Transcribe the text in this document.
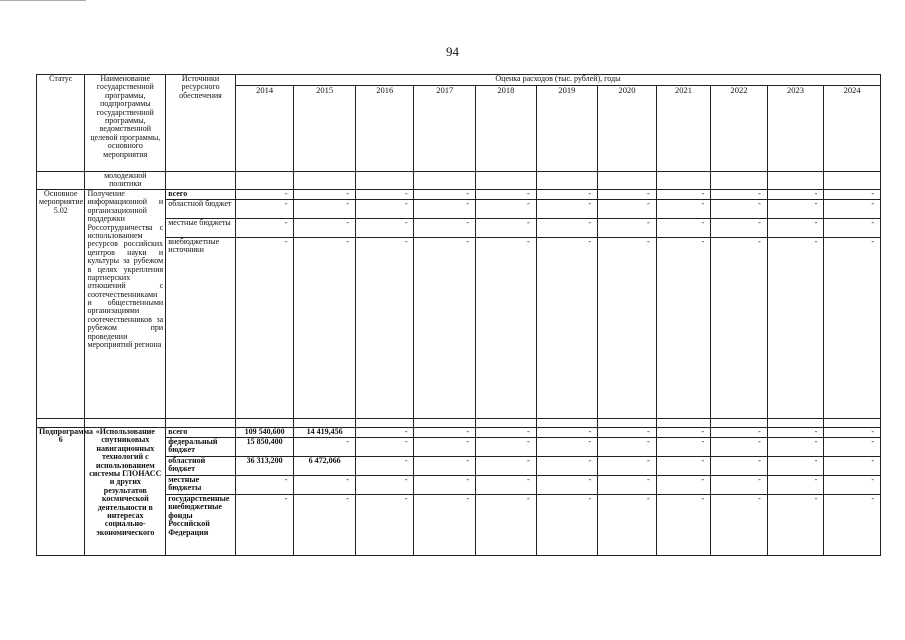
94
Статус	Наименование государственной программы, подпрограммы государственной программы, ведомственной целевой программы, основного мероприятия	Источники ресурсного обеспечения	Оценка расходов (тыс. рублей), годы										
			2014	2015	2016	2017	2018	2019	2020	2021	2022	2023	2024
	молодежной политики												
Основное мероприятие 5.02	Получение информационной и организационной поддержки Россотрудничества с использованием ресурсов российских центров науки и культуры за рубежом в целях укрепления партнерских отношений с соотечественниками и общественными организациями соотечественников за рубежом при проведении мероприятий региона	всего	-	-	-	-	-	-	-	-	-	-	-
		областной бюджет	-	-	-	-	-	-	-	-	-	-	-
		местные бюджеты	-	-	-	-	-	-	-	-	-	-	-
		внебюджетные источники	-	-	-	-	-	-	-	-	-	-	-

Подпрограмма 6	«Использование спутниковых навигационных технологий с использованием системы ГЛОНАСС и других результатов космической деятельности в интересах социально-экономического	всего	109 540,600	14 419,456	-	-	-	-	-	-	-	-	-
		федеральный бюджет	15 850,400	-	-	-	-	-	-	-	-	-	-
		областной бюджет	36 313,200	6 472,066	-	-	-	-	-	-	-	-	-
		местные бюджеты	-	-	-	-	-	-	-	-	-	-	-
		государственные внебюджетные фонды Российской Федерации	-	-	-	-	-	-	-	-	-	-	-
